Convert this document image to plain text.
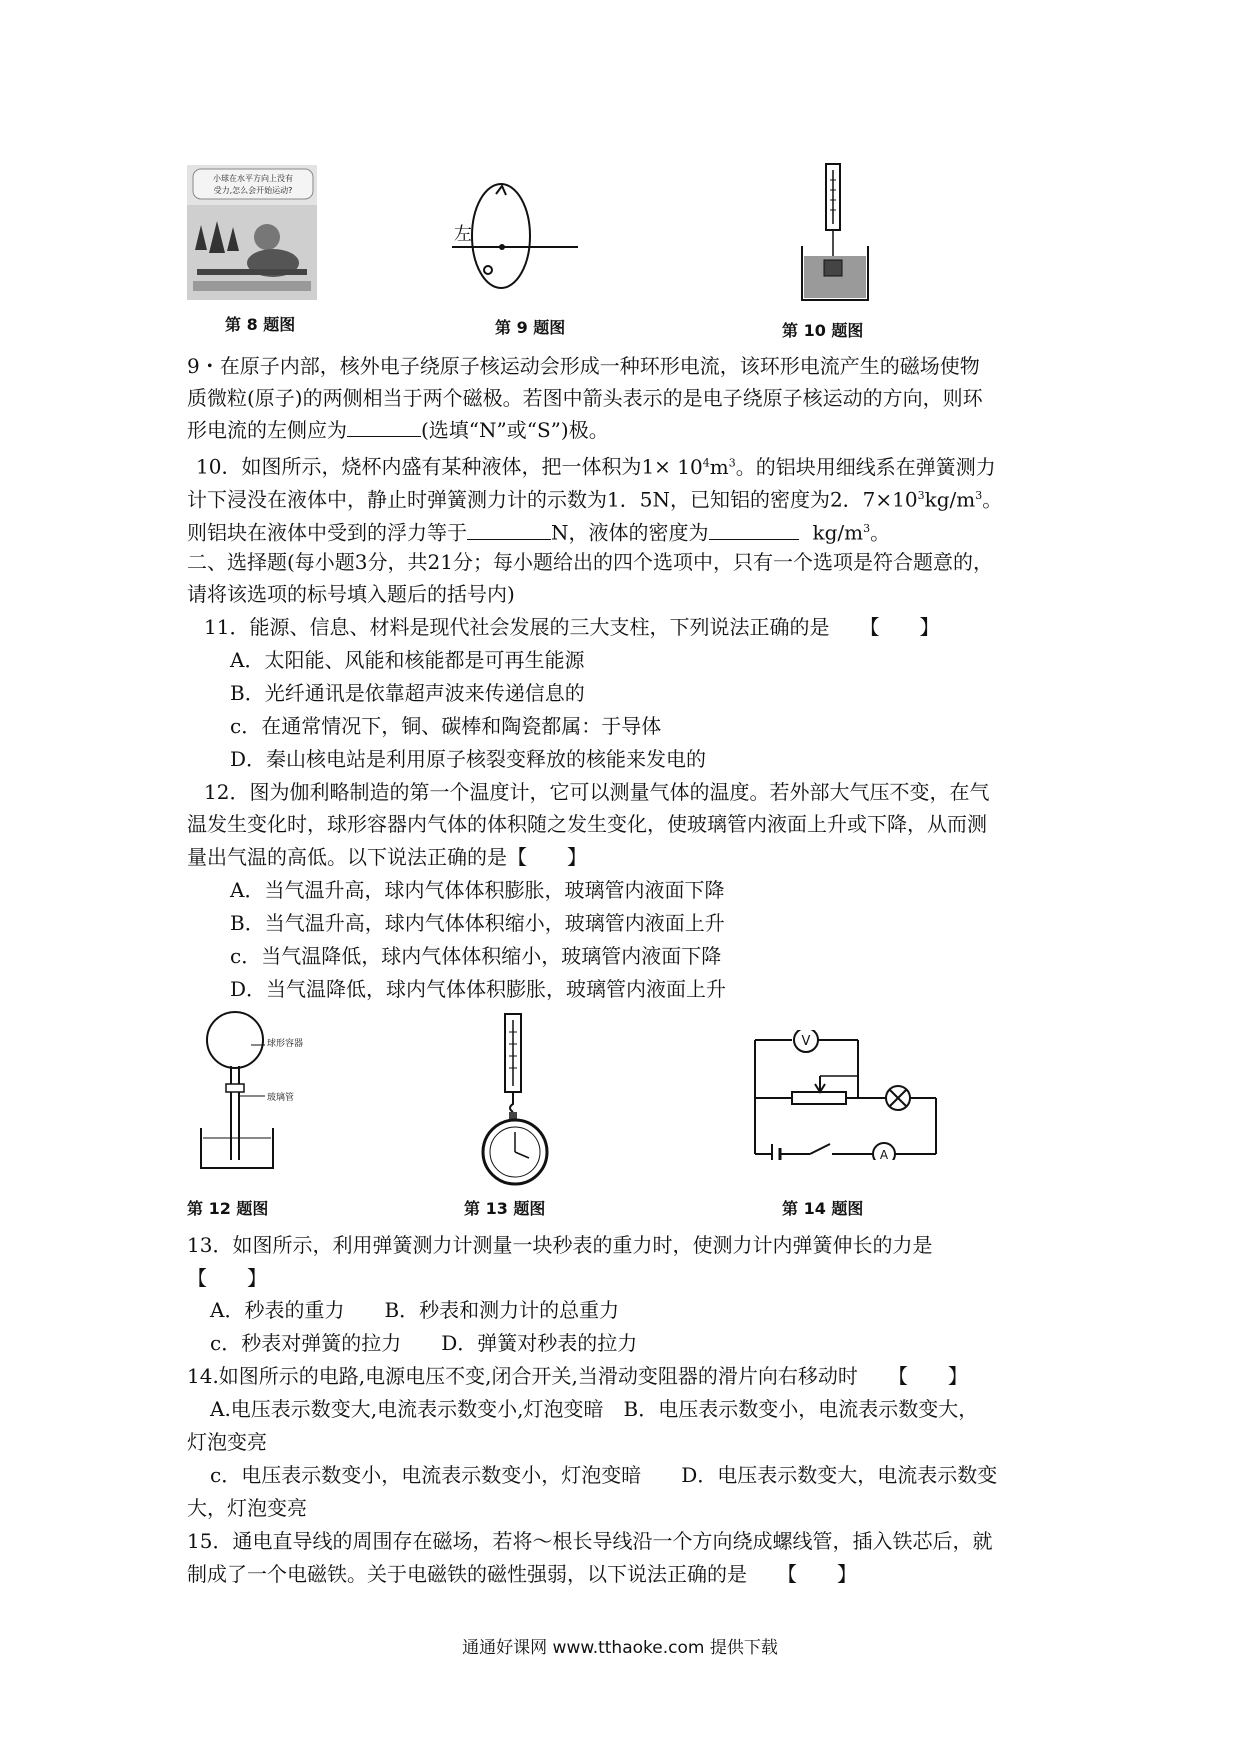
小球在水平方向上没有
受力,怎么会开始运动?
第 8 题图
左
第 9 题图	第 10 题图
9・在原子内部，核外电子绕原子核运动会形成一种环形电流，该环形电流产生的磁场使物
质微粒(原子)的两侧相当于两个磁极。若图中箭头表示的是电子绕原子核运动的方向，则环
形电流的左侧应为	(选填“N”或“S”)极。
10．如图所示，烧杯内盛有某种液体，把一体积为$1\times 10^4m^3$。的铝块用细线系在弹簧测力
计下浸没在液体中，静止时弹簧测力计的示数为1．5N，已知铝的密度为2．$7\times 10^3kg/m^3$。
则铝块在液体中受到的浮力等于	N，液体的密度为	$kg/m^3$。
二、选择题(每小题3分，共21分；每小题给出的四个选项中，只有一个选项是符合题意的，
请将该选项的标号填入题后的括号内)
11．能源、信息、材料是现代社会发展的三大支柱，下列说法正确的是　　【　　】
A．太阳能、风能和核能都是可再生能源
B．光纤通讯是依靠超声波来传递信息的
c．在通常情况下，铜、碳棒和陶瓷都属：于导体
D．秦山核电站是利用原子核裂变释放的核能来发电的
12．图为伽利略制造的第一个温度计，它可以测量气体的温度。若外部大气压不变，在气
温发生变化时，球形容器内气体的体积随之发生变化，使玻璃管内液面上升或下降，从而测
量出气温的高低。以下说法正确的是【　　】
A．当气温升高，球内气体体积膨胀，玻璃管内液面下降
B．当气温升高，球内气体体积缩小，玻璃管内液面上升
c．当气温降低，球内气体体积缩小，玻璃管内液面下降
D．当气温降低，球内气体体积膨胀，玻璃管内液面上升
球形容器
玻璃管
第 12 题图	第 13 题图
V
A
第 14 题图
13．如图所示，利用弹簧测力计测量一块秒表的重力时，使测力计内弹簧伸长的力是
【　　】
A．秒表的重力　　B．秒表和测力计的总重力
c．秒表对弹簧的拉力　　D．弹簧对秒表的拉力
14.如图所示的电路,电源电压不变,闭合开关,当滑动变阻器的滑片向右移动时　　【　　】
A.电压表示数变大,电流表示数变小,灯泡变暗　B．电压表示数变小，电流表示数变大，
灯泡变亮
c．电压表示数变小，电流表示数变小，灯泡变暗　　D．电压表示数变大，电流表示数变
大，灯泡变亮
15．通电直导线的周围存在磁场，若将～根长导线沿一个方向绕成螺线管，插入铁芯后，就
制成了一个电磁铁。关于电磁铁的磁性强弱，以下说法正确的是　　【　　】
通通好课网 www.tthaoke.com 提供下载
